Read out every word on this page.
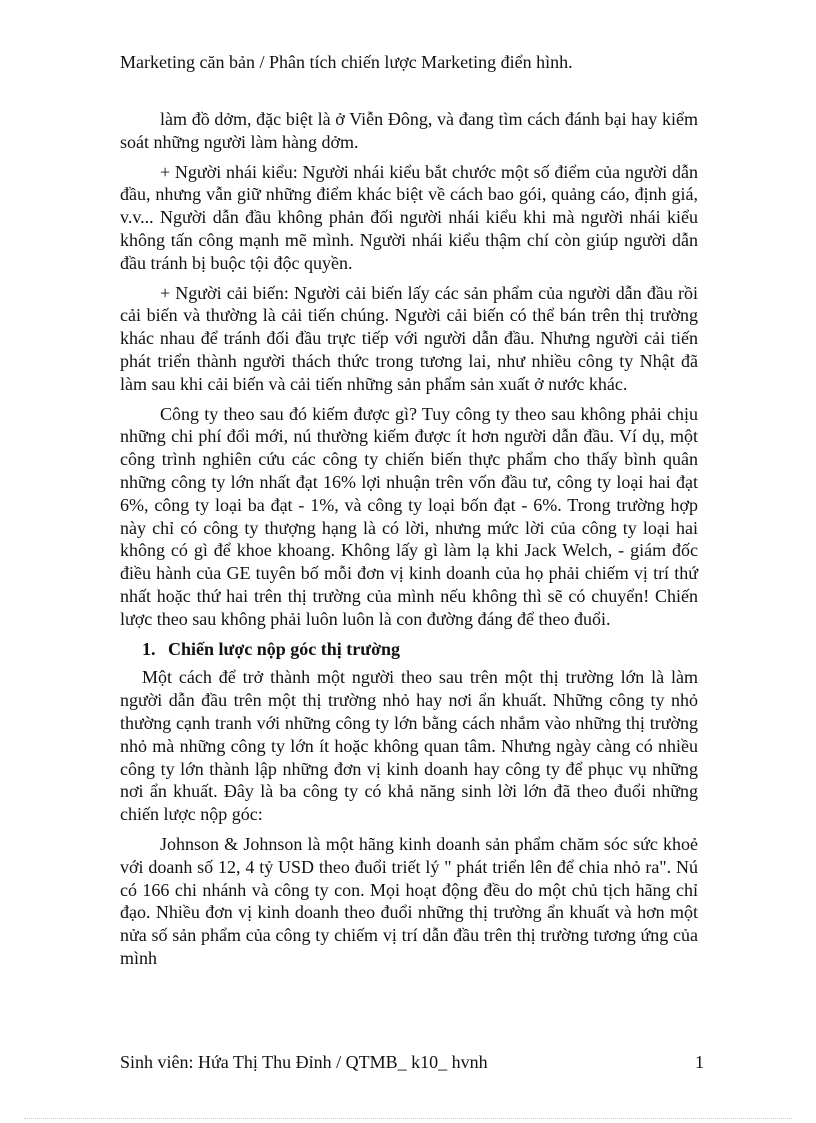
Marketing căn bản / Phân tích chiến lược Marketing điển hình.

làm đồ dởm, đặc biệt là ở Viễn Đông, và đang tìm cách đánh bại hay kiểm soát những người làm hàng dởm.

+ Người nhái kiểu: Người nhái kiểu bắt chước một số điểm của người dẫn đầu, nhưng vẫn giữ những điểm khác biệt về cách bao gói, quảng cáo, định giá, v.v... Người dẫn đầu không phản đối người nhái kiểu khi mà người nhái kiểu không tấn công mạnh mẽ mình. Người nhái kiểu thậm chí còn giúp người dẫn đầu tránh bị buộc tội độc quyền.

+ Người cải biến: Người cải biến lấy các sản phẩm của người dẫn đầu rồi cải biến và thường là cải tiến chúng. Người cải biến có thể bán trên thị trường khác nhau để tránh đối đầu trực tiếp với người dẫn đầu. Nhưng người cải tiến phát triển thành người thách thức trong tương lai, như nhiều công ty Nhật đã làm sau khi cải biến và cải tiến những sản phẩm sản xuất ở nước khác.

Công ty theo sau đó kiếm được gì? Tuy công ty theo sau không phải chịu những chi phí đổi mới, nú thường kiếm được ít hơn người dẫn đầu. Ví dụ, một công trình nghiên cứu các công ty chiến biến thực phẩm cho thấy bình quân những công ty lớn nhất đạt 16% lợi nhuận trên vốn đầu tư, công ty loại hai đạt 6%, công ty loại ba đạt - 1%, và công ty loại bốn đạt - 6%. Trong trường hợp này chỉ có công ty thượng hạng là có lời, nhưng mức lời của công ty loại hai không có gì để khoe khoang. Không lấy gì làm lạ khi Jack Welch, - giám đốc điều hành của GE tuyên bố mỗi đơn vị kinh doanh của họ phải chiếm vị trí thứ nhất hoặc thứ hai trên thị trường của mình nếu không thì sẽ có chuyển! Chiến lược theo sau không phải luôn luôn là con đường đáng để theo đuổi.

1. Chiến lược nộp góc thị trường

Một cách để trở thành một người theo sau trên một thị trường lớn là làm người dẫn đầu trên một thị trường nhỏ hay nơi ẩn khuất. Những công ty nhỏ thường cạnh tranh với những công ty lớn bằng cách nhắm vào những thị trường nhỏ mà những công ty lớn ít hoặc không quan tâm. Nhưng ngày càng có nhiều công ty lớn thành lập những đơn vị kinh doanh hay công ty để phục vụ những nơi ẩn khuất. Đây là ba công ty có khả năng sinh lời lớn đã theo đuổi những chiến lược nộp góc:

Johnson & Johnson là một hãng kinh doanh sản phẩm chăm sóc sức khoẻ với doanh số 12, 4 tỷ USD theo đuổi triết lý " phát triển lên để chia nhỏ ra". Nú có 166 chi nhánh và công ty con. Mọi hoạt động đều do một chủ tịch hãng chỉ đạo. Nhiều đơn vị kinh doanh theo đuổi những thị trường ẩn khuất và hơn một nửa số sản phẩm của công ty chiếm vị trí dẫn đầu trên thị trường tương ứng của mình

Sinh viên: Hứa Thị Thu Đỉnh / QTMB_ k10_ hvnh	1
